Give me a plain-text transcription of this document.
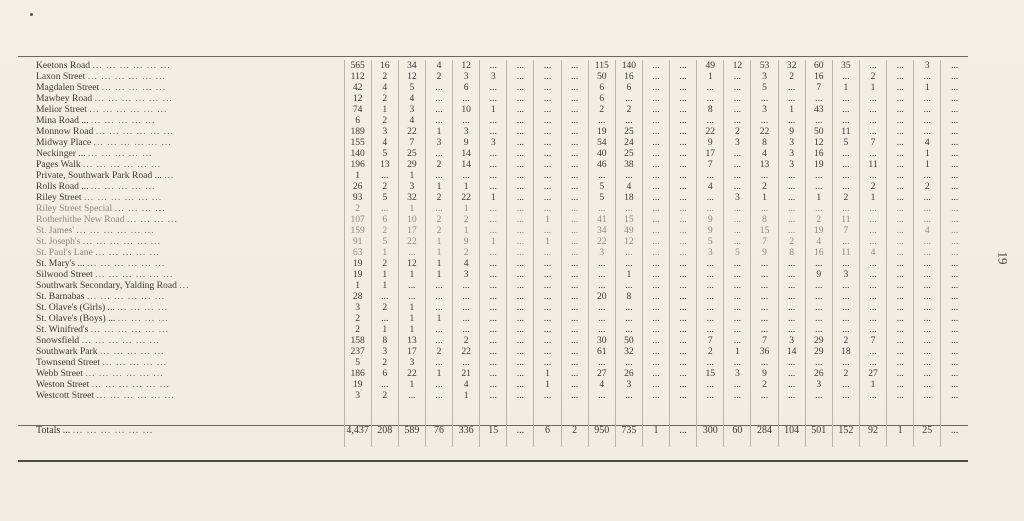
19
Keetons Road ... ... ... ... ... ...	565	16	34	4	12	...	...	...	...	115	140	...	...	49	12	53	32	60	35	...	...	3	...
Laxon Street ... ... ... ... ... ...	112	2	12	2	3	3	...	...	...	50	16	...	...	1	...	3	2	16	...	2	...	...	...
Magdalen Street ... ... ... ... ...	42	4	5	...	6	...	...	...	...	6	6	...	...	...	...	5	...	7	1	1	...	1	...
Mawbey Road ... ... ... ... ... ...	12	2	4	...	...	...	...	...	...	6	...	...	...	...	...	...	...	...	...	...	...	...	...
Melior Street ... ... ... ... ... ...	74	1	3	...	10	1	...	...	...	2	2	...	...	8	...	3	1	43	...	...	...	...	...
Mina Road ... ... ... ... ... ...	6	2	4	...	...	...	...	...	...	...	...	...	...	...	...	...	...	...	...	...	...	...	...
Monnow Road ... ... ... ... ... ...	189	3	22	1	3	...	...	...	...	19	25	...	...	22	2	22	9	50	11	...	...	...	...
Midway Place ... ... ... ... ... ...	155	4	7	3	9	3	...	...	...	54	24	...	...	9	3	8	3	12	5	7	...	4	...
Neckinger ... ... ... ... ... ...	140	5	25	...	14	...	...	...	...	40	25	...	...	17	...	4	3	16	...	...	...	1	...
Pages Walk ... ... ... ... ... ...	196	13	29	2	14	...	...	...	...	46	38	...	...	7	...	13	3	19	...	11	...	1	...
Private, Southwark Park Road ... ...	1	...	1	...	...	...	...	...	...	...	...	...	...	...	...	...	...	...	...	...	...	...	...
Rolls Road ... ... ... ... ... ...	26	2	3	1	1	...	...	...	...	5	4	...	...	4	...	2	...	...	...	2	...	2	...
Riley Street ... ... ... ... ... ...	93	5	32	2	22	1	...	...	...	5	18	...	...	...	3	1	...	1	2	1	...	...	...
Riley Street Special ... ... ... ...	2	...	1	...	1	...	...	...	...	...	...	...	...	...	...	...	...	...	...	...	...	...	...
Rotherhithe New Road ... ... ... ...	107	6	10	2	2	...	...	1	...	41	15	...	...	9	...	8	...	2	11	...	...	...	...
St. James' ... ... ... ... ... ...	159	2	17	2	1	...	...	...	...	34	49	...	...	9	...	15	...	19	7	...	...	4	...
St. Joseph's ... ... ... ... ... ...	91	5	22	1	9	1	...	1	...	22	12	...	...	5	...	7	2	4	...	...	...	...	...
St. Paul's Lane ... ... ... ... ...	63	1	...	1	2	...	...	...	...	3	...	...	...	3	5	9	8	16	11	4	...	...	...
St. Mary's ... ... ... ... ... ... ...	19	2	12	1	4	...	...	...	...	...	...	...	...	...	...	...	...	...	...	...	...	...	...
Silwood Street ... ... ... ... ... ...	19	1	1	1	3	...	...	...	...	...	1	...	...	...	...	...	...	9	3	...	...	...	...
Southwark Secondary, Yalding Road ...	1	1	...	...	...	...	...	...	...	...	...	...	...	...	...	...	...	...	...	...	...	...	...
St. Barnabas ... ... ... ... ... ...	28	...	...	...	...	...	...	...	...	20	8	...	...	...	...	...	...	...	...	...	...	...	...
St. Olave's (Girls) ... ... ... ... ...	3	2	1	...	...	...	...	...	...	...	...	...	...	...	...	...	...	...	...	...	...	...	...
St. Olave's (Boys) ... ... ... ... ...	2	...	1	1	...	...	...	...	...	...	...	...	...	...	...	...	...	...	...	...	...	...	...
St. Winifred's ... ... ... ... ... ...	2	1	1	...	...	...	...	...	...	...	...	...	...	...	...	...	...	...	...	...	...	...	...
Snowsfield ... ... ... ... ... ...	158	8	13	...	2	...	...	...	...	30	50	...	...	7	...	7	3	29	2	7	...	...	...
Southwark Park ... ... ... ... ...	237	3	17	2	22	...	...	...	...	61	32	...	...	2	1	36	14	29	18	...	...	...	...
Townsend Street ... ... ... ... ...	5	2	3	...	...	...	...	...	...	...	...	...	...	...	...	...	...	...	...	...	...	...	...
Webb Street ... ... ... ... ... ...	186	6	22	1	21	...	...	1	...	27	26	...	...	15	3	9	...	26	2	27	...	...	...
Weston Street ... ... ... ... ... ...	19	...	1	...	4	...	...	1	...	4	3	...	...	...	...	2	...	3	...	1	...	...	...
Westcott Street ... ... ... ... ... ...	3	2	...	...	1	...	...	...	...	...	...	...	...	...	...	...	...	...	...	...	...	...	...

Totals ... ... ... ... ... ... ...	4,437	208	589	76	336	15	...	6	2	950	735	1	...	300	60	284	104	501	152	92	1	25	...
